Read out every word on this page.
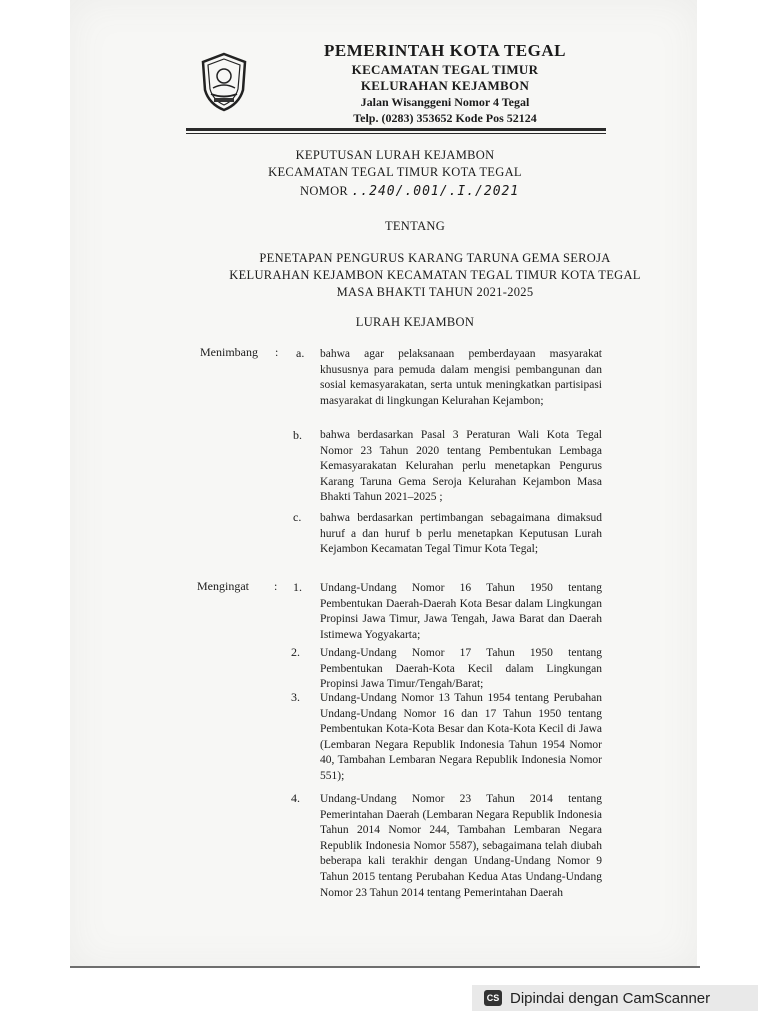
PEMERINTAH KOTA TEGAL
KECAMATAN TEGAL TIMUR
KELURAHAN KEJAMBON
Jalan Wisanggeni Nomor 4 Tegal
Telp. (0283) 353652 Kode Pos 52124
KEPUTUSAN LURAH KEJAMBON
KECAMATAN TEGAL TIMUR KOTA TEGAL
NOMOR ..240/.001/.I./2021
TENTANG
PENETAPAN PENGURUS KARANG TARUNA GEMA SEROJA
KELURAHAN KEJAMBON KECAMATAN TEGAL TIMUR KOTA TEGAL
MASA BHAKTI TAHUN 2021-2025
LURAH KEJAMBON
Menimbang : a. bahwa agar pelaksanaan pemberdayaan masyarakat khususnya para pemuda dalam mengisi pembangunan dan sosial kemasyarakatan, serta untuk meningkatkan partisipasi masyarakat di lingkungan Kelurahan Kejambon;
b. bahwa berdasarkan Pasal 3 Peraturan Wali Kota Tegal Nomor 23 Tahun 2020 tentang Pembentukan Lembaga Kemasyarakatan Kelurahan perlu menetapkan Pengurus Karang Taruna Gema Seroja Kelurahan Kejambon Masa Bhakti Tahun 2021–2025 ;
c. bahwa berdasarkan pertimbangan sebagaimana dimaksud huruf a dan huruf b perlu menetapkan Keputusan Lurah Kejambon Kecamatan Tegal Timur Kota Tegal;
Mengingat : 1. Undang-Undang Nomor 16 Tahun 1950 tentang Pembentukan Daerah-Daerah Kota Besar dalam Lingkungan Propinsi Jawa Timur, Jawa Tengah, Jawa Barat dan Daerah Istimewa Yogyakarta;
2. Undang-Undang Nomor 17 Tahun 1950 tentang Pembentukan Daerah-Kota Kecil dalam Lingkungan Propinsi Jawa Timur/Tengah/Barat;
3. Undang-Undang Nomor 13 Tahun 1954 tentang Perubahan Undang-Undang Nomor 16 dan 17 Tahun 1950 tentang Pembentukan Kota-Kota Besar dan Kota-Kota Kecil di Jawa (Lembaran Negara Republik Indonesia Tahun 1954 Nomor 40, Tambahan Lembaran Negara Republik Indonesia Nomor 551);
4. Undang-Undang Nomor 23 Tahun 2014 tentang Pemerintahan Daerah (Lembaran Negara Republik Indonesia Tahun 2014 Nomor 244, Tambahan Lembaran Negara Republik Indonesia Nomor 5587), sebagaimana telah diubah beberapa kali terakhir dengan Undang-Undang Nomor 9 Tahun 2015 tentang Perubahan Kedua Atas Undang-Undang Nomor 23 Tahun 2014 tentang Pemerintahan Daerah
CS Dipindai dengan CamScanner
